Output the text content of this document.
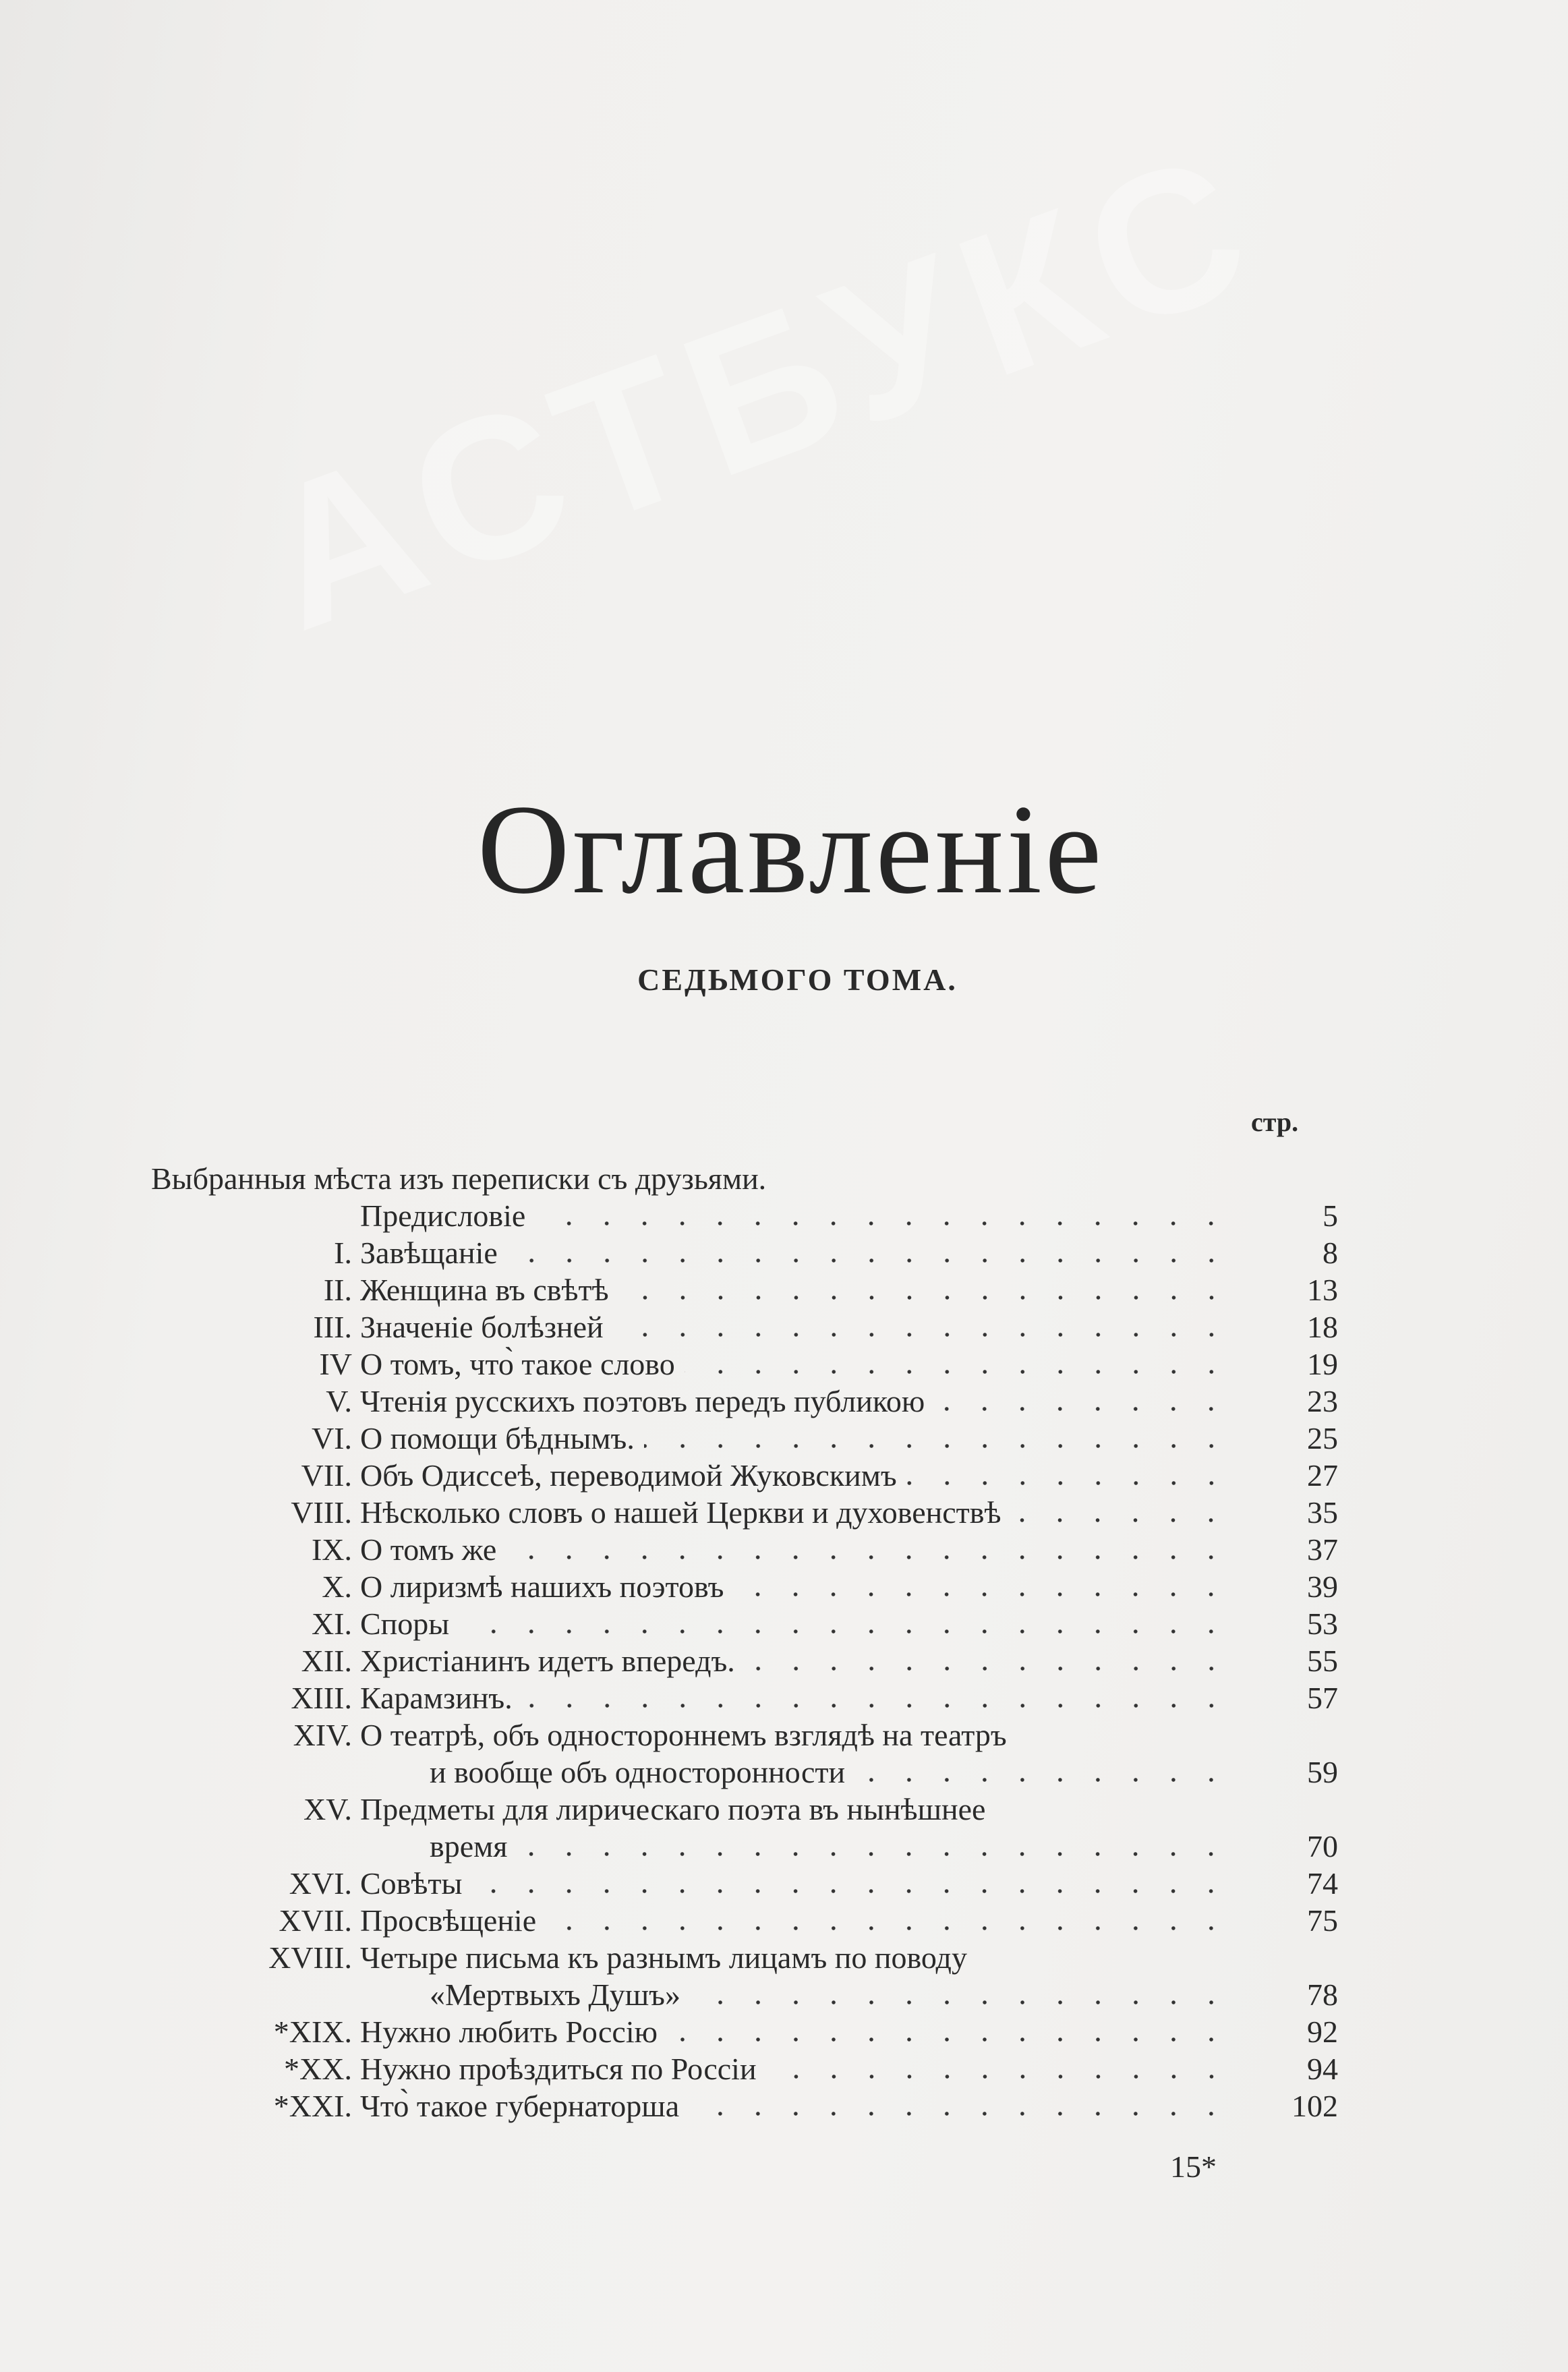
АСТБУКС
Оглавленіе
СЕДЬМОГО ТОМА.
стр.
Выбранныя мѣста изъ переписки съ друзьями.
Предисловіе	5
I. Завѣщаніе	8
II. Женщина въ свѣтѣ	13
III. Значеніе болѣзней	18
IV О томъ, что̀ такое слово	19
V. Чтенія русскихъ поэтовъ передъ публикою	23
VI. О помощи бѣднымъ.	25
VII. Объ Одиссеѣ, переводимой Жуковскимъ	27
VIII. Нѣсколько словъ о нашей Церкви и духовенствѣ	35
IX. О томъ же	37
X. О лиризмѣ нашихъ поэтовъ	39
XI. Споры	53
XII. Христіанинъ идетъ впередъ.	55
XIII. Карамзинъ.	57
XIV. О театрѣ, объ одностороннемъ взглядѣ на театръ
и вообще объ односторонности	59
XV. Предметы для лирическаго поэта въ нынѣшнее
время	70
XVI. Совѣты	74
XVII. Просвѣщеніе	75
XVIII. Четыре письма къ разнымъ лицамъ по поводу
«Мертвыхъ Душъ»	78
*XIX. Нужно любить Россію	92
*XX. Нужно проѣздиться по Россіи	94
*XXI. Что̀ такое губернаторша	102
15*
